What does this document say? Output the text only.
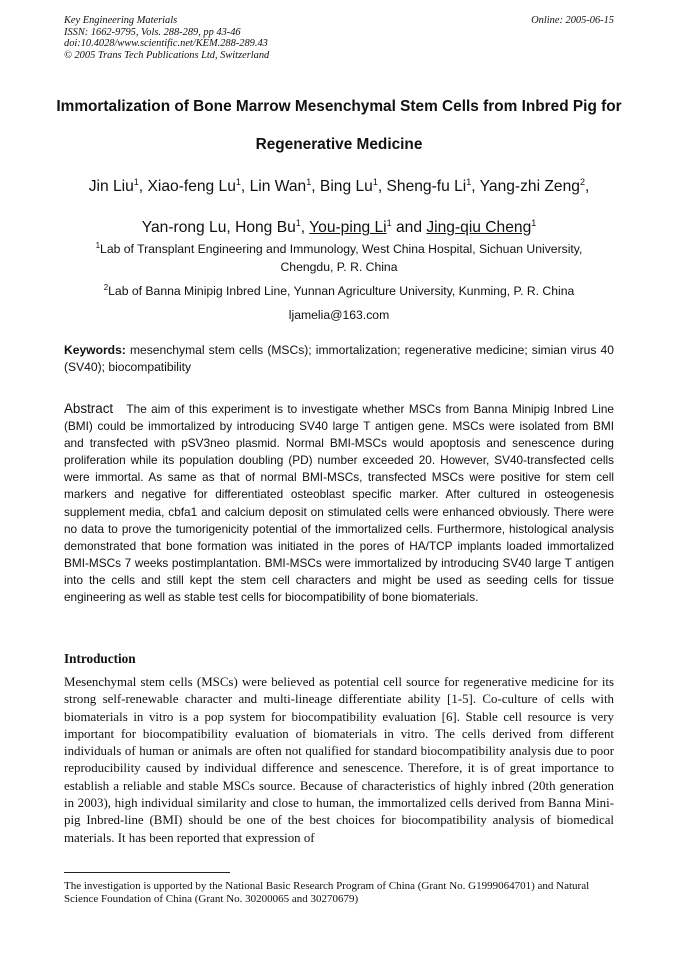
Key Engineering Materials
ISSN: 1662-9795, Vols. 288-289, pp 43-46
doi:10.4028/www.scientific.net/KEM.288-289.43
© 2005 Trans Tech Publications Ltd, Switzerland
Online: 2005-06-15
Immortalization of Bone Marrow Mesenchymal Stem Cells from Inbred Pig for Regenerative Medicine
Jin Liu$^1$, Xiao-feng Lu$^1$, Lin Wan$^1$, Bing Lu$^1$, Sheng-fu Li$^1$, Yang-zhi Zeng$^2$,
Yan-rong Lu, Hong Bu$^1$, You-ping Li$^1$ and Jing-qiu Cheng$^1$
$^1$Lab of Transplant Engineering and Immunology, West China Hospital, Sichuan University, Chengdu, P. R. China
$^2$Lab of Banna Minipig Inbred Line, Yunnan Agriculture University, Kunming, P. R. China
ljamelia@163.com
Keywords: mesenchymal stem cells (MSCs); immortalization; regenerative medicine; simian virus 40 (SV40); biocompatibility
Abstract The aim of this experiment is to investigate whether MSCs from Banna Minipig Inbred Line (BMI) could be immortalized by introducing SV40 large T antigen gene. MSCs were isolated from BMI and transfected with pSV3neo plasmid. Normal BMI-MSCs would apoptosis and senescence during proliferation while its population doubling (PD) number exceeded 20. However, SV40-transfected cells were immortal. As same as that of normal BMI-MSCs, transfected MSCs were positive for stem cell markers and negative for differentiated osteoblast specific marker. After cultured in osteogenesis supplement media, cbfa1 and calcium deposit on stimulated cells were enhanced obviously. There were no data to prove the tumorigenicity potential of the immortalized cells. Furthermore, histological analysis demonstrated that bone formation was initiated in the pores of HA/TCP implants loaded immortalized BMI-MSCs 7 weeks postimplantation. BMI-MSCs were immortalized by introducing SV40 large T antigen into the cells and still kept the stem cell characters and might be used as seeding cells for tissue engineering as well as stable test cells for biocompatibility of bone biomaterials.
Introduction
Mesenchymal stem cells (MSCs) were believed as potential cell source for regenerative medicine for its strong self-renewable character and multi-lineage differentiate ability [1-5]. Co-culture of cells with biomaterials in vitro is a pop system for biocompatibility evaluation [6]. Stable cell resource is very important for biocompatibility evaluation of biomaterials in vitro. The cells derived from different individuals of human or animals are often not qualified for standard biocompatibility analysis due to poor reproducibility caused by individual difference and senescence. Therefore, it is of great importance to establish a reliable and stable MSCs source. Because of characteristics of highly inbred (20th generation in 2003), high individual similarity and close to human, the immortalized cells derived from Banna Mini-pig Inbred-line (BMI) should be one of the best choices for biocompatibility analysis of biomedical materials. It has been reported that expression of
The investigation is upported by the National Basic Research Program of China (Grant No. G1999064701) and Natural Science Foundation of China (Grant No. 30200065 and 30270679)
